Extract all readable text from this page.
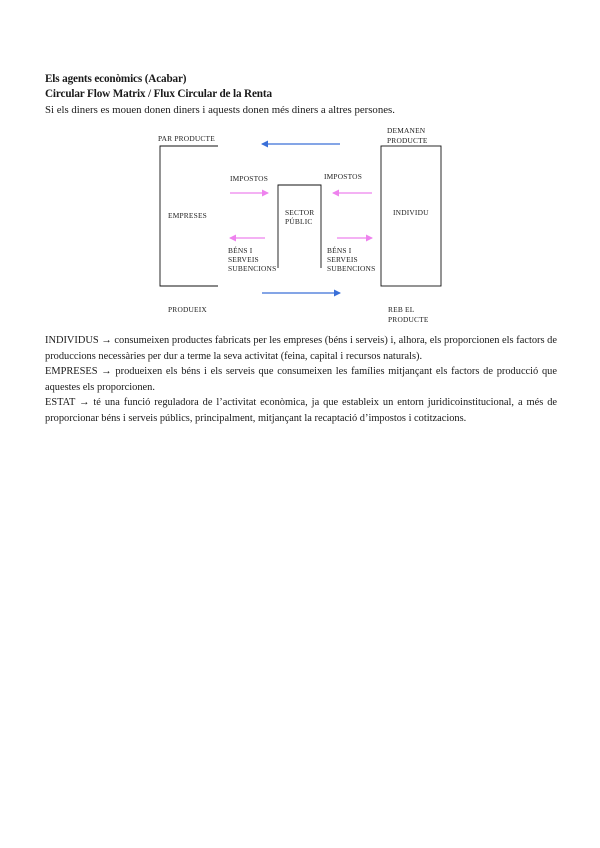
Els agents econòmics (Acabar)
Circular Flow Matrix / Flux Circular de la Renta
Si els diners es mouen donen diners i aquests donen més diners a altres persones.
PAR PRODUCTE
DEMANEN
PRODUCTE
EMPRESES	INDIVIDU
SECTOR
PÚBLIC
IMPOSTOS	IMPOSTOS
BÉNS I
SERVEIS
SUBENCIONS
BÉNS I
SERVEIS
SUBENCIONS
PRODUEIX	REB EL
PRODUCTE

INDIVIDUS → consumeixen productes fabricats per les empreses (béns i serveis) i, alhora, els proporcionen els factors de produccions necessàries per dur a terme la seva activitat (feina, capital i recursos naturals).

EMPRESES → produeixen els béns i els serveis que consumeixen les famílies mitjançant els factors de producció que aquestes els proporcionen.

ESTAT → té una funció reguladora de l’activitat econòmica, ja que estableix un entorn juridicoinstitucional, a més de proporcionar béns i serveis públics, principalment, mitjançant la recaptació d’impostos i cotitzacions.
